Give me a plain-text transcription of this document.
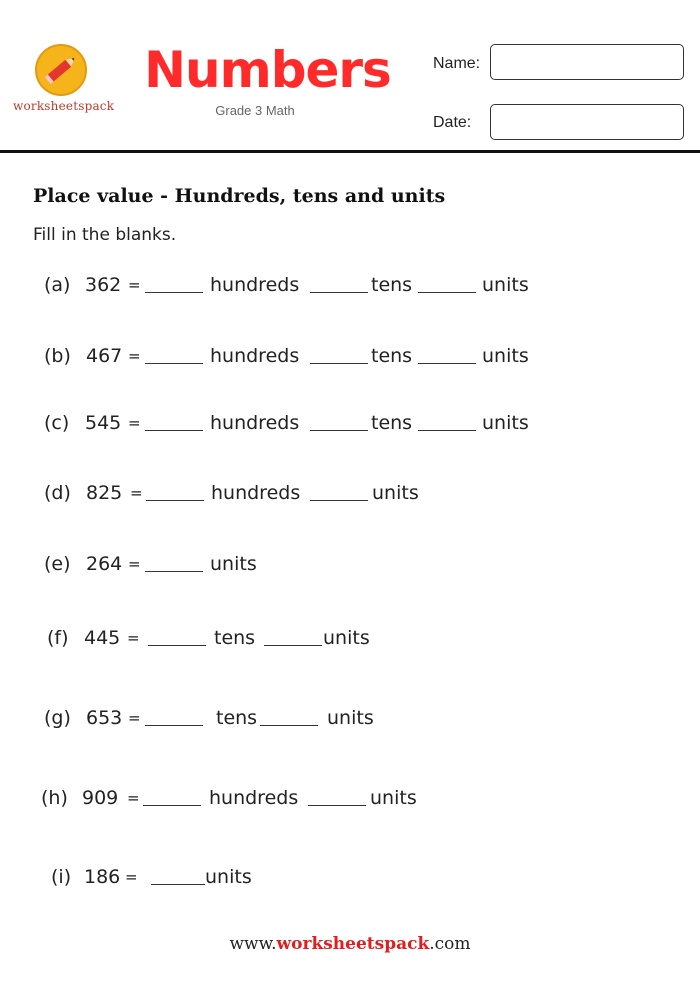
worksheetspack
Numbers
Grade 3 Math
Name:
Date:
Place value - Hundreds, tens and units
Fill in the blanks.
(a) 362 =	hundreds	tens	units
(b) 467 =	hundreds	tens	units
(c) 545 =	hundreds	tens	units
(d) 825 =	hundreds	units
(e) 264 =	units
(f) 445 =	tens	units
(g) 653 =	tens	units
(h) 909 =	hundreds	units
(i) 186 =	units
www.worksheetspack.com
